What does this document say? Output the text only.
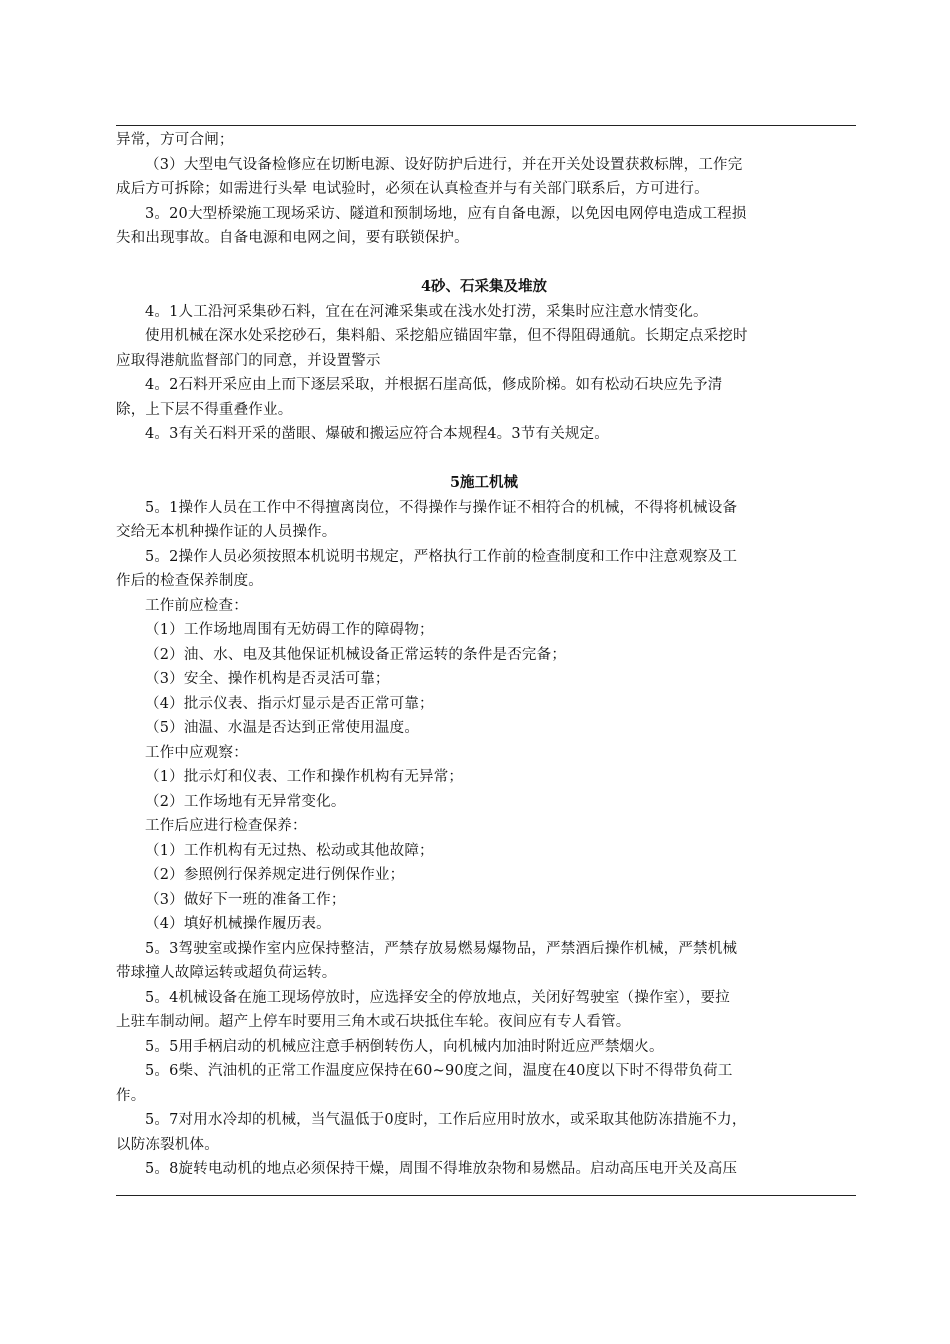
异常，方可合闸；
（3）大型电气设备检修应在切断电源、设好防护后进行，并在开关处设置获救标牌，工作完
成后方可拆除；如需进行头晕 电试验时，必须在认真检查并与有关部门联系后，方可进行。
3。20大型桥梁施工现场采访、隧道和预制场地，应有自备电源，以免因电网停电造成工程损
失和出现事故。自备电源和电网之间，要有联锁保护。
4砂、石采集及堆放
4。1人工沿河采集砂石料，宜在在河滩采集或在浅水处打涝，采集时应注意水情变化。
使用机械在深水处采挖砂石，集料船、采挖船应锚固牢靠，但不得阻碍通航。长期定点采挖时
应取得港航监督部门的同意，并设置警示
4。2石料开采应由上而下逐层采取，并根据石崖高低，修成阶梯。如有松动石块应先予清
除，上下层不得重叠作业。
4。3有关石料开采的凿眼、爆破和搬运应符合本规程4。3节有关规定。
5施工机械
5。1操作人员在工作中不得擅离岗位，不得操作与操作证不相符合的机械，不得将机械设备
交给无本机种操作证的人员操作。
5。2操作人员必须按照本机说明书规定，严格执行工作前的检查制度和工作中注意观察及工
作后的检查保养制度。
工作前应检查：
（1）工作场地周围有无妨碍工作的障碍物；
（2）油、水、电及其他保证机械设备正常运转的条件是否完备；
（3）安全、操作机构是否灵活可靠；
（4）批示仪表、指示灯显示是否正常可靠；
（5）油温、水温是否达到正常使用温度。
工作中应观察：
（1）批示灯和仪表、工作和操作机构有无异常；
（2）工作场地有无异常变化。
工作后应进行检查保养：
（1）工作机构有无过热、松动或其他故障；
（2）参照例行保养规定进行例保作业；
（3）做好下一班的准备工作；
（4）填好机械操作履历表。
5。3驾驶室或操作室内应保持整洁，严禁存放易燃易爆物品，严禁酒后操作机械，严禁机械
带球撞人故障运转或超负荷运转。
5。4机械设备在施工现场停放时，应选择安全的停放地点，关闭好驾驶室（操作室），要拉
上驻车制动闸。超产上停车时要用三角木或石块抵住车轮。夜间应有专人看管。
5。5用手柄启动的机械应注意手柄倒转伤人，向机械内加油时附近应严禁烟火。
5。6柴、汽油机的正常工作温度应保持在60~90度之间，温度在40度以下时不得带负荷工
作。
5。7对用水冷却的机械，当气温低于0度时，工作后应用时放水，或采取其他防冻措施不力，
以防冻裂机体。
5。8旋转电动机的地点必须保持干燥，周围不得堆放杂物和易燃品。启动高压电开关及高压
